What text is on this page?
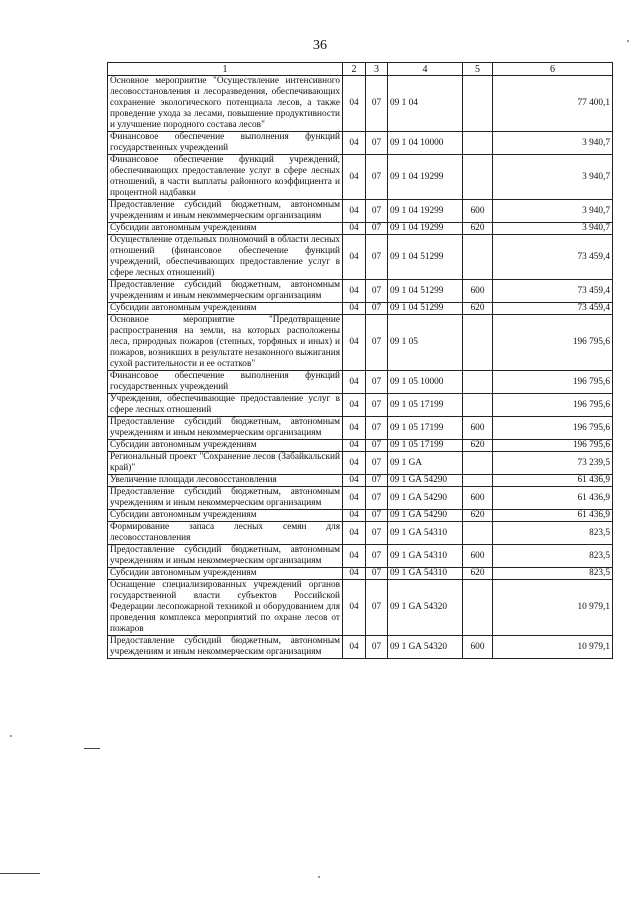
36
1	2	3	4	5	6
Основное мероприятие "Осуществление интенсивного лесовосстановления и лесоразведения, обеспечивающих сохранение экологического потенциала лесов, а также проведение ухода за лесами, повышение продуктивности и улучшение породного состава лесов"	04	07	09 1 04		77 400,1
Финансовое обеспечение выполнения функций государственных учреждений	04	07	09 1 04 10000		3 940,7
Финансовое обеспечение функций учреждений, обеспечивающих предоставление услуг в сфере лесных отношений, в части выплаты районного коэффициента и процентной надбавки	04	07	09 1 04 19299		3 940,7
Предоставление субсидий бюджетным, автономным учреждениям и иным некоммерческим организациям	04	07	09 1 04 19299	600	3 940,7
Субсидии автономным учреждениям	04	07	09 1 04 19299	620	3 940,7
Осуществление отдельных полномочий в области лесных отношений (финансовое обеспечение функций учреждений, обеспечивающих предоставление услуг в сфере лесных отношений)	04	07	09 1 04 51299		73 459,4
Предоставление субсидий бюджетным, автономным учреждениям и иным некоммерческим организациям	04	07	09 1 04 51299	600	73 459,4
Субсидии автономным учреждениям	04	07	09 1 04 51299	620	73 459,4
Основное мероприятие "Предотвращение распространения на земли, на которых расположены леса, природных пожаров (степных, торфяных и иных) и пожаров, возникших в результате незаконного выжигания сухой растительности и ее остатков"	04	07	09 1 05		196 795,6
Финансовое обеспечение выполнения функций государственных учреждений	04	07	09 1 05 10000		196 795,6
Учреждения, обеспечивающие предоставление услуг в сфере лесных отношений	04	07	09 1 05 17199		196 795,6
Предоставление субсидий бюджетным, автономным учреждениям и иным некоммерческим организациям	04	07	09 1 05 17199	600	196 795,6
Субсидии автономным учреждениям	04	07	09 1 05 17199	620	196 795,6
Региональный проект "Сохранение лесов (Забайкальский край)"	04	07	09 1 GA		73 239,5
Увеличение площади лесовосстановления	04	07	09 1 GA 54290		61 436,9
Предоставление субсидий бюджетным, автономным учреждениям и иным некоммерческим организациям	04	07	09 1 GA 54290	600	61 436,9
Субсидии автономным учреждениям	04	07	09 1 GA 54290	620	61 436,9
Формирование запаса лесных семян для лесовосстановления	04	07	09 1 GA 54310		823,5
Предоставление субсидий бюджетным, автономным учреждениям и иным некоммерческим организациям	04	07	09 1 GA 54310	600	823,5
Субсидии автономным учреждениям	04	07	09 1 GA 54310	620	823,5
Оснащение специализированных учреждений органов государственной власти субъектов Российской Федерации лесопожарной техникой и оборудованием для проведения комплекса мероприятий по охране лесов от пожаров	04	07	09 1 GA 54320		10 979,1
Предоставление субсидий бюджетным, автономным учреждениям и иным некоммерческим организациям	04	07	09 1 GA 54320	600	10 979,1
